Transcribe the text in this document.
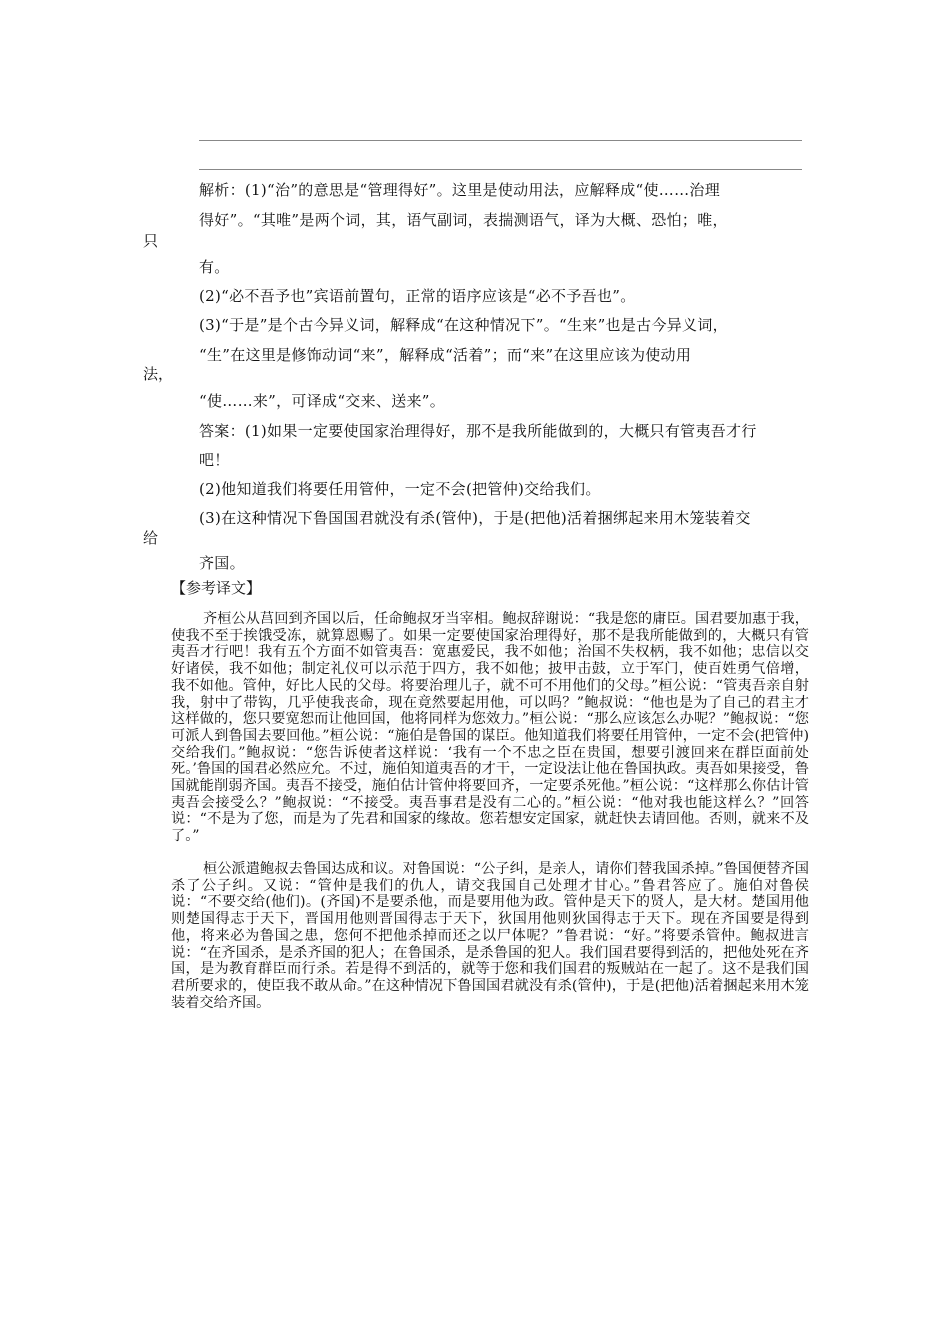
解析：(1)“治”的意思是“管理得好”。这里是使动用法，应解释成“使……治理
得好”。“其唯”是两个词，其，语气副词，表揣测语气，译为大概、恐怕；唯，
只
有。
(2)“必不吾予也”宾语前置句，正常的语序应该是“必不予吾也”。
(3)“于是”是个古今异义词，解释成“在这种情况下”。“生来”也是古今异义词，
“生”在这里是修饰动词“来”，解释成“活着”；而“来”在这里应该为使动用
法，
“使……来”，可译成“交来、送来”。
答案：(1)如果一定要使国家治理得好，那不是我所能做到的，大概只有管夷吾才行
吧！
(2)他知道我们将要任用管仲，一定不会(把管仲)交给我们。
(3)在这种情况下鲁国国君就没有杀(管仲)，于是(把他)活着捆绑起来用木笼装着交
给
齐国。
【参考译文】

齐桓公从莒回到齐国以后，任命鲍叔牙当宰相。鲍叔辞谢说：“我是您的庸臣。国君要加惠于我，使我不至于挨饿受冻，就算恩赐了。如果一定要使国家治理得好，那不是我所能做到的，大概只有管夷吾才行吧！我有五个方面不如管夷吾：宽惠爱民，我不如他；治国不失权柄，我不如他；忠信以交好诸侯，我不如他；制定礼仪可以示范于四方，我不如他；披甲击鼓，立于军门，使百姓勇气倍增，我不如他。管仲，好比人民的父母。将要治理儿子，就不可不用他们的父母。”桓公说：“管夷吾亲自射我，射中了带钩，几乎使我丧命，现在竟然要起用他，可以吗？”鲍叔说：“他也是为了自己的君主才这样做的，您只要宽恕而让他回国，他将同样为您效力。”桓公说：“那么应该怎么办呢？”鲍叔说：“您可派人到鲁国去要回他。”桓公说：“施伯是鲁国的谋臣。他知道我们将要任用管仲，一定不会(把管仲)交给我们。”鲍叔说：“您告诉使者这样说：‘我有一个不忠之臣在贵国，想要引渡回来在群臣面前处死。’鲁国的国君必然应允。不过，施伯知道夷吾的才干，一定设法让他在鲁国执政。夷吾如果接受，鲁国就能削弱齐国。夷吾不接受，施伯估计管仲将要回齐，一定要杀死他。”桓公说：“这样那么你估计管夷吾会接受么？”鲍叔说：“不接受。夷吾事君是没有二心的。”桓公说：“他对我也能这样么？”回答说：“不是为了您，而是为了先君和国家的缘故。您若想安定国家，就赶快去请回他。否则，就来不及了。”

桓公派遣鲍叔去鲁国达成和议。对鲁国说：“公子纠，是亲人，请你们替我国杀掉。”鲁国便替齐国杀了公子纠。又说：“管仲是我们的仇人，请交我国自己处理才甘心。”鲁君答应了。施伯对鲁侯说：“不要交给(他们)。(齐国)不是要杀他，而是要用他为政。管仲是天下的贤人，是大材。楚国用他则楚国得志于天下，晋国用他则晋国得志于天下，狄国用他则狄国得志于天下。现在齐国要是得到他，将来必为鲁国之患，您何不把他杀掉而还之以尸体呢？”鲁君说：“好。”将要杀管仲。鲍叔进言说：“在齐国杀，是杀齐国的犯人；在鲁国杀，是杀鲁国的犯人。我们国君要得到活的，把他处死在齐国，是为教育群臣而行杀。若是得不到活的，就等于您和我们国君的叛贼站在一起了。这不是我们国君所要求的，使臣我不敢从命。”在这种情况下鲁国国君就没有杀(管仲)，于是(把他)活着捆起来用木笼装着交给齐国。
